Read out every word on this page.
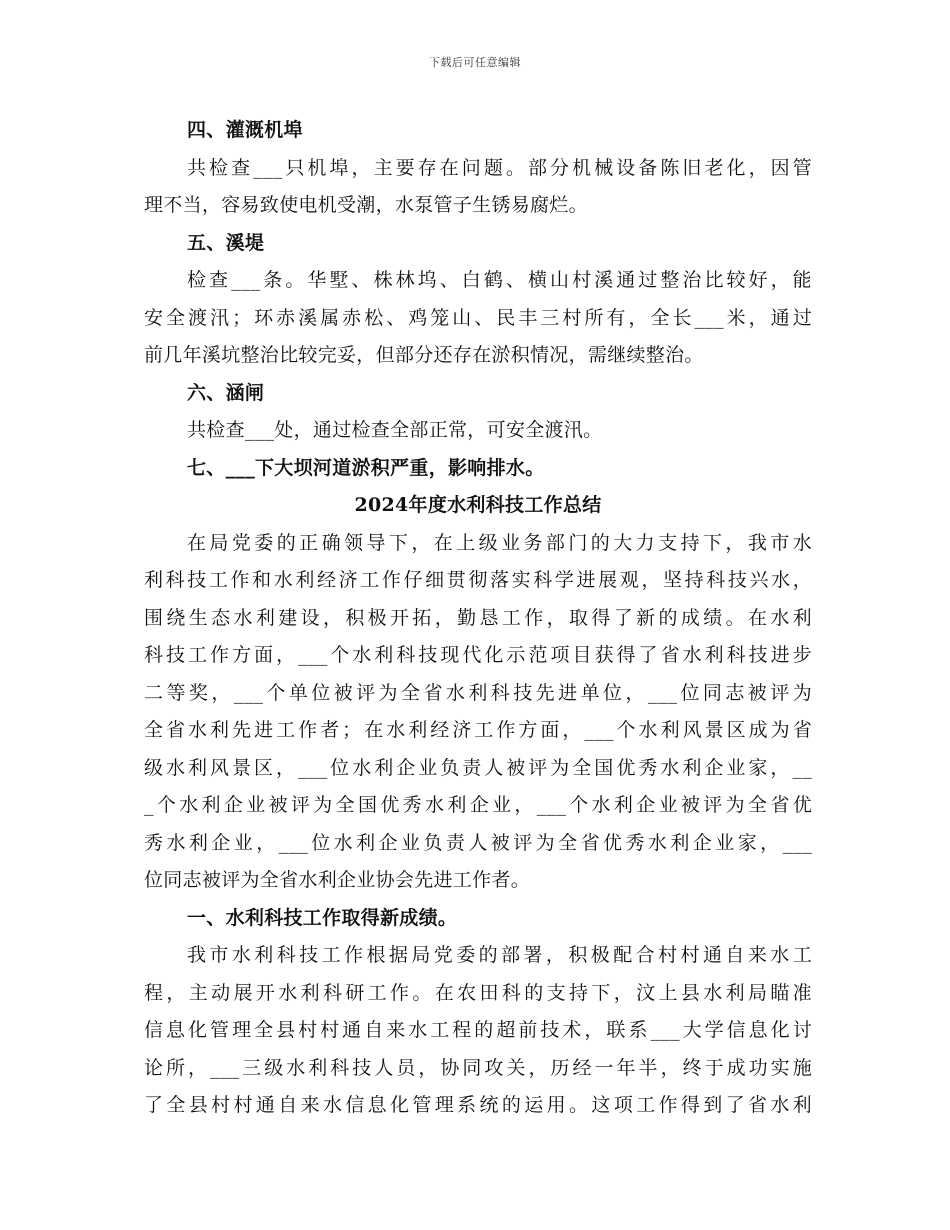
下载后可任意编辑
四、灌溉机埠
共检查___只机埠，主要存在问题。部分机械设备陈旧老化，因管
理不当，容易致使电机受潮，水泵管子生锈易腐烂。
五、溪堤
检查___条。华墅、株林坞、白鹤、横山村溪通过整治比较好，能
安全渡汛；环赤溪属赤松、鸡笼山、民丰三村所有，全长___米，通过
前几年溪坑整治比较完妥，但部分还存在淤积情况，需继续整治。
六、涵闸
共检查___处，通过检查全部正常，可安全渡汛。
七、___下大坝河道淤积严重，影响排水。
2024年度水利科技工作总结
在局党委的正确领导下，在上级业务部门的大力支持下，我市水
利科技工作和水利经济工作仔细贯彻落实科学进展观，坚持科技兴水，
围绕生态水利建设，积极开拓，勤恳工作，取得了新的成绩。在水利
科技工作方面，___个水利科技现代化示范项目获得了省水利科技进步
二等奖，___个单位被评为全省水利科技先进单位，___位同志被评为
全省水利先进工作者；在水利经济工作方面，___个水利风景区成为省
级水利风景区，___位水利企业负责人被评为全国优秀水利企业家，__
_个水利企业被评为全国优秀水利企业，___个水利企业被评为全省优
秀水利企业，___位水利企业负责人被评为全省优秀水利企业家，___
位同志被评为全省水利企业协会先进工作者。
一、水利科技工作取得新成绩。
我市水利科技工作根据局党委的部署，积极配合村村通自来水工
程，主动展开水利科研工作。在农田科的支持下，汶上县水利局瞄准
信息化管理全县村村通自来水工程的超前技术，联系___大学信息化讨
论所，___三级水利科技人员，协同攻关，历经一年半，终于成功实施
了全县村村通自来水信息化管理系统的运用。这项工作得到了省水利
